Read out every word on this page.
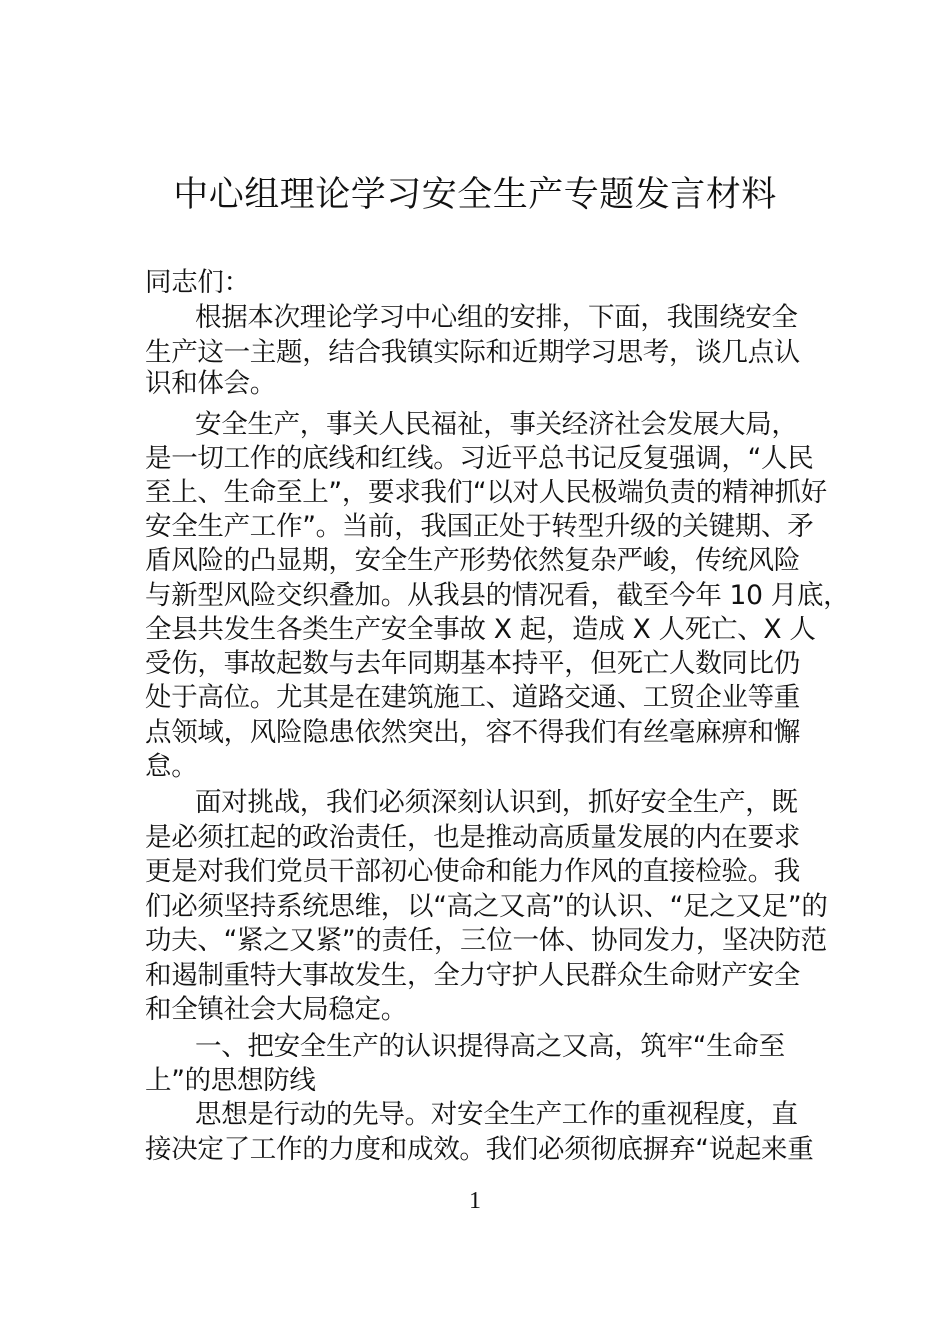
中心组理论学习安全生产专题发言材料
同志们：
根据本次理论学习中心组的安排，下面，我围绕安全
生产这一主题，结合我镇实际和近期学习思考，谈几点认
识和体会。
安全生产，事关人民福祉，事关经济社会发展大局，
是一切工作的底线和红线。习近平总书记反复强调，“人民
至上、生命至上”，要求我们“以对人民极端负责的精神抓好
安全生产工作”。当前，我国正处于转型升级的关键期、矛
盾风险的凸显期，安全生产形势依然复杂严峻，传统风险
与新型风险交织叠加。从我县的情况看，截至今年 10 月底，
全县共发生各类生产安全事故 X 起，造成 X 人死亡、X 人
受伤，事故起数与去年同期基本持平，但死亡人数同比仍
处于高位。尤其是在建筑施工、道路交通、工贸企业等重
点领域，风险隐患依然突出，容不得我们有丝毫麻痹和懈
怠。
面对挑战，我们必须深刻认识到，抓好安全生产，既
是必须扛起的政治责任，也是推动高质量发展的内在要求
更是对我们党员干部初心使命和能力作风的直接检验。我
们必须坚持系统思维，以“高之又高”的认识、“足之又足”的
功夫、“紧之又紧”的责任，三位一体、协同发力，坚决防范
和遏制重特大事故发生，全力守护人民群众生命财产安全
和全镇社会大局稳定。
一、把安全生产的认识提得高之又高，筑牢“生命至
上”的思想防线
思想是行动的先导。对安全生产工作的重视程度，直
接决定了工作的力度和成效。我们必须彻底摒弃“说起来重
1
